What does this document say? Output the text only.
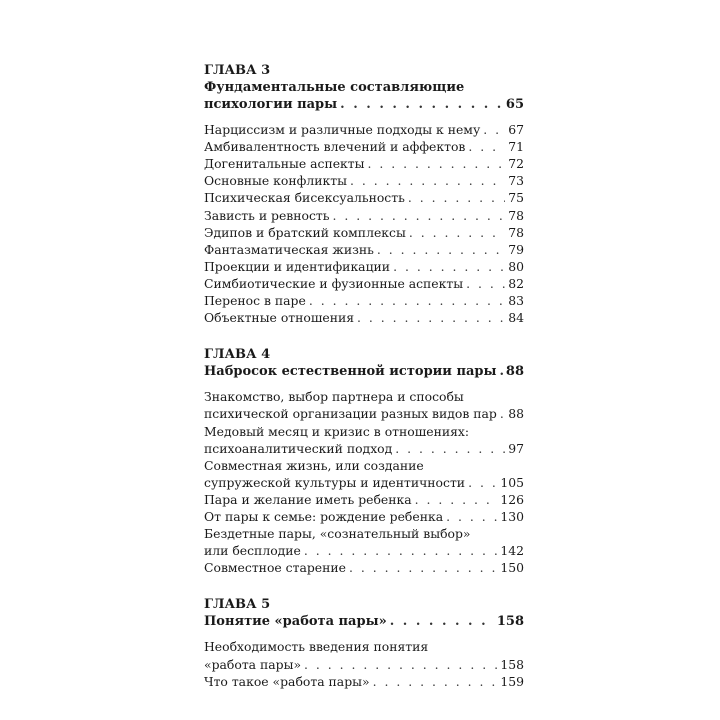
ГЛАВА 3
Фундаментальные составляющие
психологии пары . . .	65
Нарциссизм и различные подходы к нему . . . 67
Амбивалентность влечений и аффектов . . .	71
Догенитальные аспекты . . .	72
Основные конфликты . . .	73
Психическая бисексуальность . . .	75
Зависть и ревность . . .	78
Эдипов и братский комплексы . . .	78
Фантазматическая жизнь . . .	79
Проекции и идентификации . . .	80
Симбиотические и фузионные аспекты . . .	82
Перенос в паре . . .	83
Объектные отношения . . .	84
ГЛАВА 4
Набросок естественной истории пары . . . 88
Знакомство, выбор партнера и способы
психической организации разных видов пар . . . 88
Медовый месяц и кризис в отношениях:
психоаналитический подход . . .	97
Совместная жизнь, или создание
супружеской культуры и идентичности . . .	105
Пара и желание иметь ребенка . . .	126
От пары к семье: рождение ребенка . . .	130
Бездетные пары, «сознательный выбор»
или бесплодие . . .	142
Совместное старение . . .	150
ГЛАВА 5
Понятие «работа пары» . . .	158
Необходимость введения понятия
«работа пары» . . .	158
Что такое «работа пары» . . .	159
